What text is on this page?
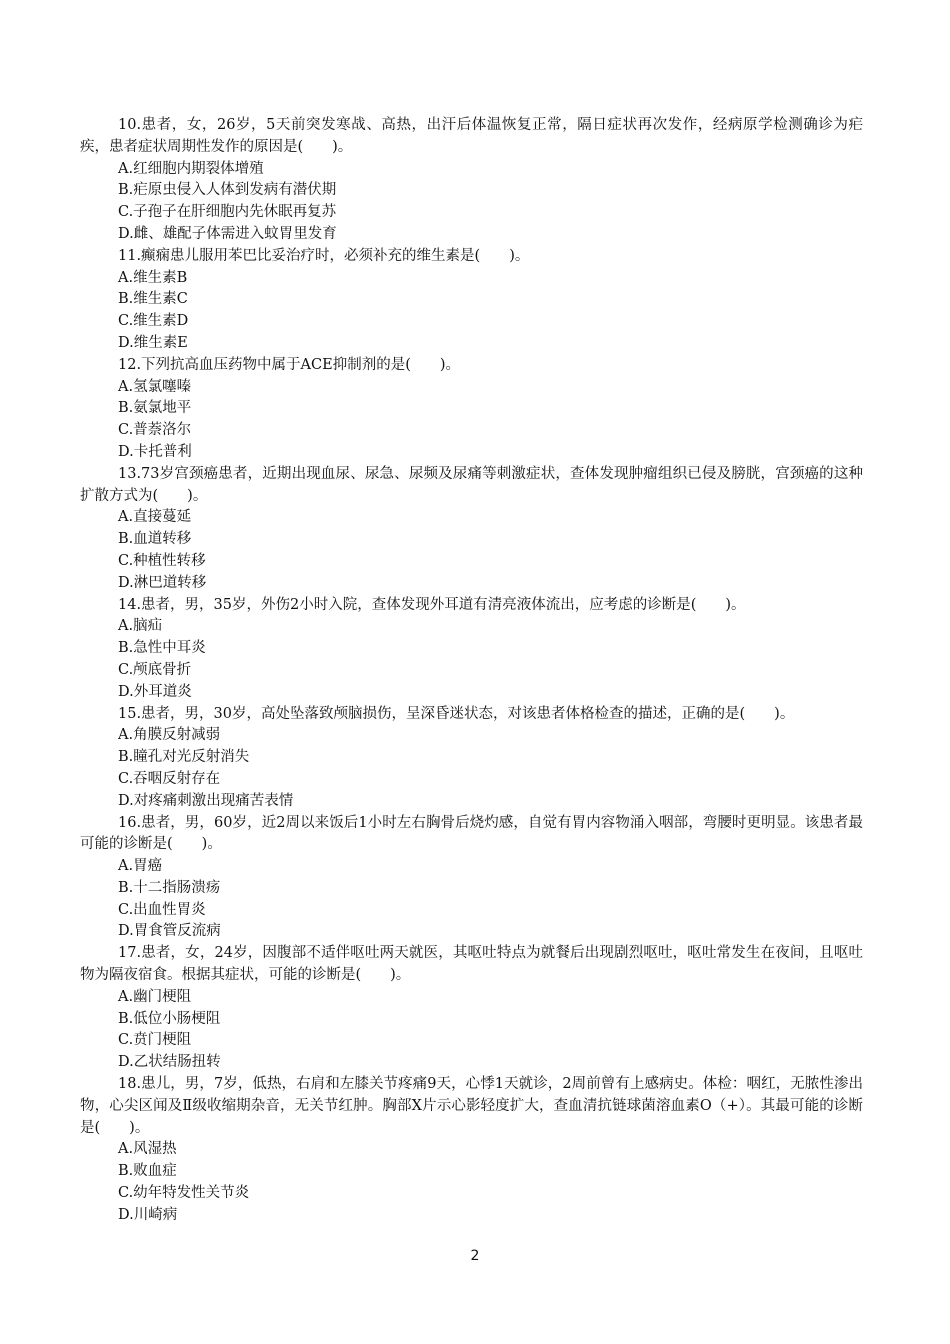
10.患者，女，26岁，5天前突发寒战、高热，出汗后体温恢复正常，隔日症状再次发作，经病原学检测确诊为疟疾，患者症状周期性发作的原因是(　　)。
A.红细胞内期裂体增殖
B.疟原虫侵入人体到发病有潜伏期
C.子孢子在肝细胞内先休眠再复苏
D.雌、雄配子体需进入蚊胃里发育
11.癫痫患儿服用苯巴比妥治疗时，必须补充的维生素是(　　)。
A.维生素B
B.维生素C
C.维生素D
D.维生素E
12.下列抗高血压药物中属于ACE抑制剂的是(　　)。
A.氢氯噻嗪
B.氨氯地平
C.普萘洛尔
D.卡托普利
13.73岁宫颈癌患者，近期出现血尿、尿急、尿频及尿痛等刺激症状，查体发现肿瘤组织已侵及膀胱，宫颈癌的这种扩散方式为(　　)。
A.直接蔓延
B.血道转移
C.种植性转移
D.淋巴道转移
14.患者，男，35岁，外伤2小时入院，查体发现外耳道有清亮液体流出，应考虑的诊断是(　　)。
A.脑疝
B.急性中耳炎
C.颅底骨折
D.外耳道炎
15.患者，男，30岁，高处坠落致颅脑损伤，呈深昏迷状态，对该患者体格检查的描述，正确的是(　　)。
A.角膜反射减弱
B.瞳孔对光反射消失
C.吞咽反射存在
D.对疼痛刺激出现痛苦表情
16.患者，男，60岁，近2周以来饭后1小时左右胸骨后烧灼感，自觉有胃内容物涌入咽部，弯腰时更明显。该患者最可能的诊断是(　　)。
A.胃癌
B.十二指肠溃疡
C.出血性胃炎
D.胃食管反流病
17.患者，女，24岁，因腹部不适伴呕吐两天就医，其呕吐特点为就餐后出现剧烈呕吐，呕吐常发生在夜间，且呕吐物为隔夜宿食。根据其症状，可能的诊断是(　　)。
A.幽门梗阻
B.低位小肠梗阻
C.贲门梗阻
D.乙状结肠扭转
18.患儿，男，7岁，低热，右肩和左膝关节疼痛9天，心悸1天就诊，2周前曾有上感病史。体检：咽红，无脓性渗出物，心尖区闻及Ⅱ级收缩期杂音，无关节红肿。胸部X片示心影轻度扩大，查血清抗链球菌溶血素O（+）。其最可能的诊断是(　　)。
A.风湿热
B.败血症
C.幼年特发性关节炎
D.川崎病
2
